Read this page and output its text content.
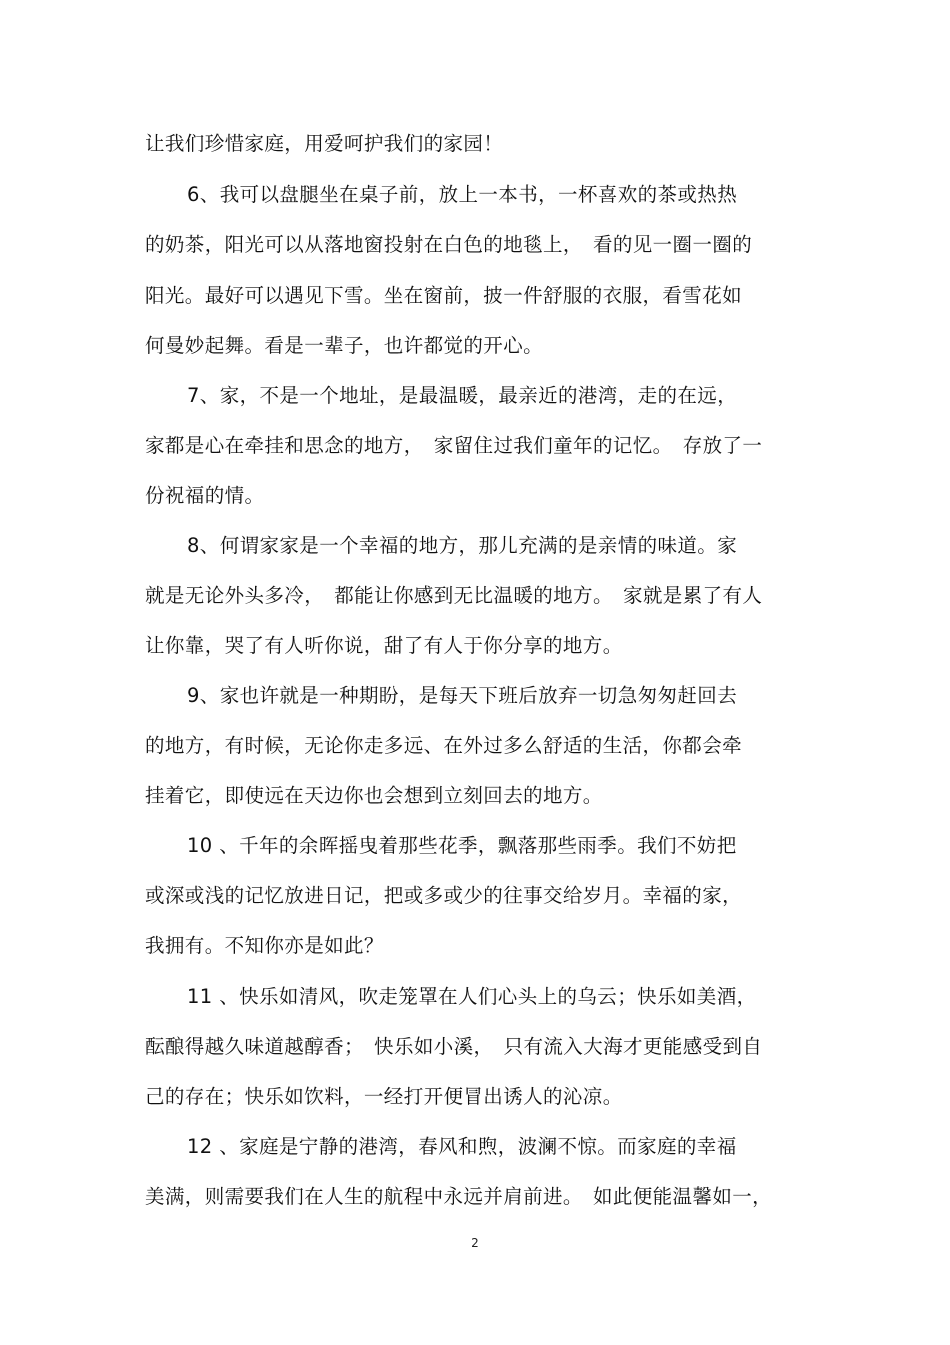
让我们珍惜家庭，用爱呵护我们的家园！
6、我可以盘腿坐在桌子前，放上一本书，一杯喜欢的茶或热热
的奶茶，阳光可以从落地窗投射在白色的地毯上，　看的见一圈一圈的
阳光。最好可以遇见下雪。坐在窗前，披一件舒服的衣服，看雪花如
何曼妙起舞。看是一辈子，也许都觉的开心。
7、家，不是一个地址，是最温暖，最亲近的港湾，走的在远，
家都是心在牵挂和思念的地方，　家留住过我们童年的记忆。　存放了一
份祝福的情。
8、何谓家家是一个幸福的地方，那儿充满的是亲情的味道。家
就是无论外头多冷，　都能让你感到无比温暖的地方。　家就是累了有人
让你靠，哭了有人听你说，甜了有人于你分享的地方。
9、家也许就是一种期盼，是每天下班后放弃一切急匆匆赶回去
的地方，有时候，无论你走多远、在外过多么舒适的生活，你都会牵
挂着它，即使远在天边你也会想到立刻回去的地方。
10 、千年的余晖摇曳着那些花季，飘落那些雨季。我们不妨把
或深或浅的记忆放进日记，把或多或少的往事交给岁月。幸福的家，
我拥有。不知你亦是如此？
11 、快乐如清风，吹走笼罩在人们心头上的乌云；快乐如美酒，
酝酿得越久味道越醇香；　快乐如小溪，　只有流入大海才更能感受到自
己的存在；快乐如饮料，一经打开便冒出诱人的沁凉。
12 、家庭是宁静的港湾，春风和煦，波澜不惊。而家庭的幸福
美满，则需要我们在人生的航程中永远并肩前进。　如此便能温馨如一，
2
